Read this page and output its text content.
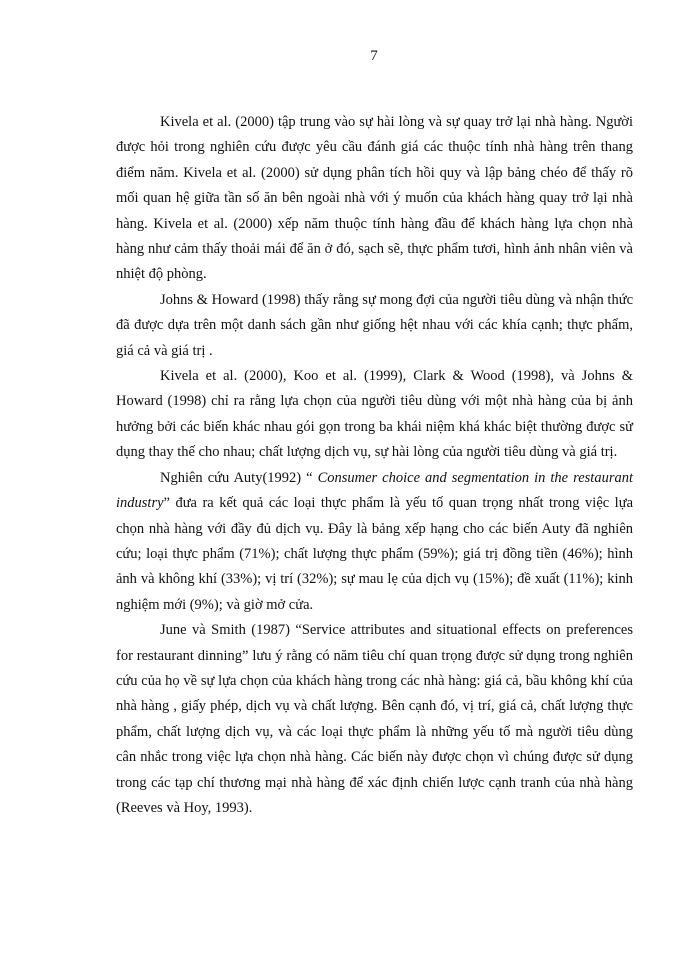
7

Kivela et al. (2000) tập trung vào sự hài lòng và sự quay trở lại nhà hàng. Người được hỏi trong nghiên cứu được yêu cầu đánh giá các thuộc tính nhà hàng trên thang điểm năm. Kivela et al. (2000) sử dụng phân tích hồi quy và lập bảng chéo để thấy rõ mối quan hệ giữa tần số ăn bên ngoài nhà với ý muốn của khách hàng quay trở lại nhà hàng. Kivela et al. (2000) xếp năm thuộc tính hàng đầu để khách hàng lựa chọn nhà hàng như cảm thấy thoải mái để ăn ở đó, sạch sẽ, thực phẩm tươi, hình ảnh nhân viên và nhiệt độ phòng.

Johns & Howard (1998) thấy rằng sự mong đợi của người tiêu dùng và nhận thức đã được dựa trên một danh sách gần như giống hệt nhau với các khía cạnh; thực phẩm, giá cả và giá trị .

Kivela et al. (2000), Koo et al. (1999), Clark & Wood (1998), và Johns & Howard (1998) chỉ ra rằng lựa chọn của người tiêu dùng với một nhà hàng của bị ảnh hưởng bởi các biến khác nhau gói gọn trong ba khái niệm khá khác biệt thường được sử dụng thay thế cho nhau; chất lượng dịch vụ, sự hài lòng của người tiêu dùng và giá trị.

Nghiên cứu Auty(1992) “ Consumer choice and segmentation in the restaurant industry” đưa ra kết quả các loại thực phẩm là yếu tố quan trọng nhất trong việc lựa chọn nhà hàng với đầy đủ dịch vụ. Đây là bảng xếp hạng cho các biến Auty đã nghiên cứu; loại thực phẩm (71%); chất lượng thực phẩm (59%); giá trị đồng tiền (46%); hình ảnh và không khí (33%); vị trí (32%); sự mau lẹ của dịch vụ (15%); đề xuất (11%); kinh nghiệm mới (9%); và giờ mở cửa.

June và Smith (1987) “Service attributes and situational effects on preferences for restaurant dinning” lưu ý rằng có năm tiêu chí quan trọng được sử dụng trong nghiên cứu của họ về sự lựa chọn của khách hàng trong các nhà hàng: giá cả, bầu không khí của nhà hàng , giấy phép, dịch vụ và chất lượng. Bên cạnh đó, vị trí, giá cả, chất lượng thực phẩm, chất lượng dịch vụ, và các loại thực phẩm là những yếu tố mà người tiêu dùng cân nhắc trong việc lựa chọn nhà hàng. Các biến này được chọn vì chúng được sử dụng trong các tạp chí thương mại nhà hàng để xác định chiến lược cạnh tranh của nhà hàng (Reeves và Hoy, 1993).
